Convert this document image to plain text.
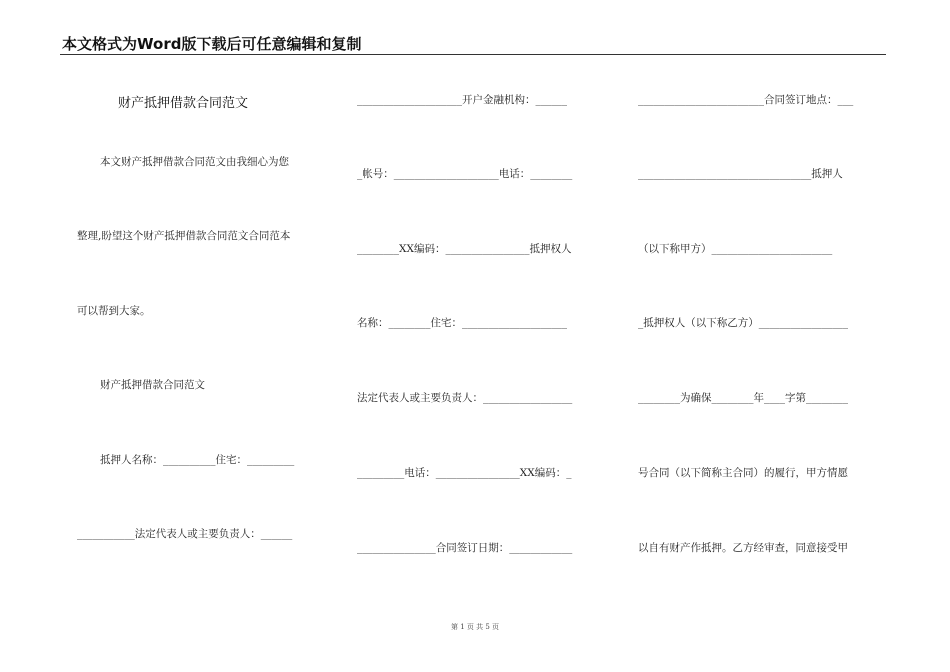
本文格式为Word版下载后可任意编辑和复制
财产抵押借款合同范文
本文财产抵押借款合同范文由我细心为您
整理,盼望这个财产抵押借款合同范文合同范本
可以帮到大家。
财产抵押借款合同范文
抵押人名称：__________住宅：_________
___________法定代表人或主要负责人：______
____________________开户金融机构：______
_帐号：____________________电话：________
________XX编码：________________抵押权人
名称：________住宅：____________________
法定代表人或主要负责人：_________________
_________电话：________________XX编码：_
_______________合同签订日期：____________
________________________合同签订地点：___
_________________________________抵押人
（以下称甲方）_______________________
_抵押权人（以下称乙方）_________________
________为确保________年____字第________
号合同（以下简称主合同）的履行，甲方情愿
以自有财产作抵押。乙方经审查，同意接受甲
第 1 页 共 5 页
